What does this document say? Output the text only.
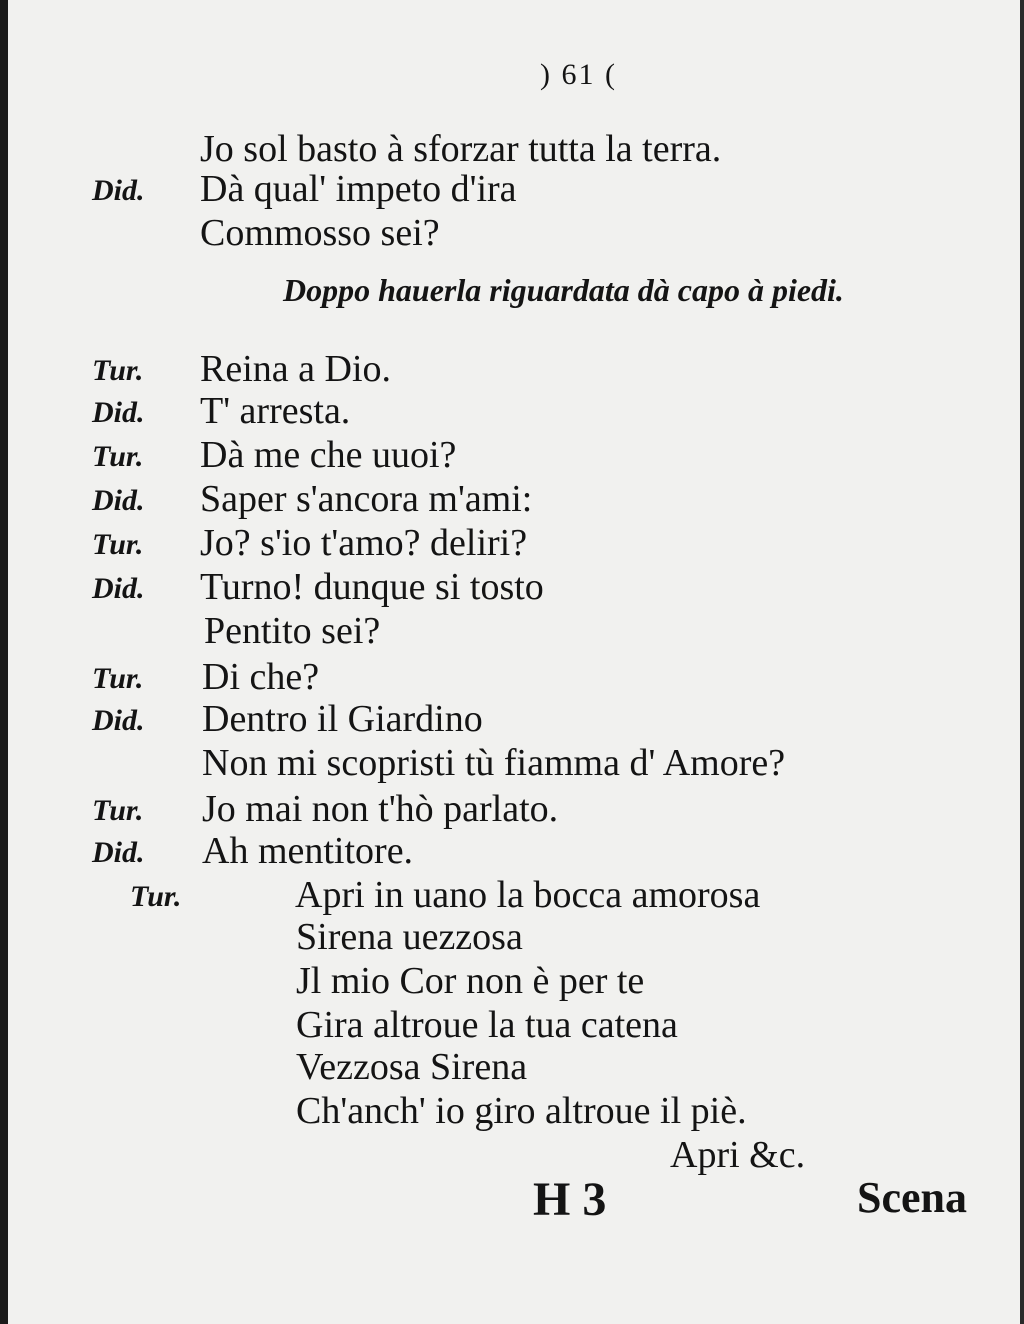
) 61 (
Jo sol basto à sforzar tutta la terra.
Did. Dà qual' impeto d'ira
Commosso sei?
Doppo hauerla riguardata dà capo à piedi.
Tur. Reina a Dio.
Did. T' arresta.
Tur. Dà me che uuoi?
Did. Saper s'ancora m'ami:
Tur. Jo? s'io t'amo? deliri?
Did. Turno! dunque si tosto
Pentito sei?
Tur. Di che?
Did. Dentro il Giardino
Non mi scopristi tù fiamma d' Amore?
Tur. Jo mai non t'hò parlato.
Did. Ah mentitore.
Tur.	Apri in uano la bocca amorosa
Sirena uezzosa
Jl mio Cor non è per te
Gira altroue la tua catena
Vezzosa Sirena
Ch'anch' io giro altroue il piè.
Apri &c.
H 3	Scena
